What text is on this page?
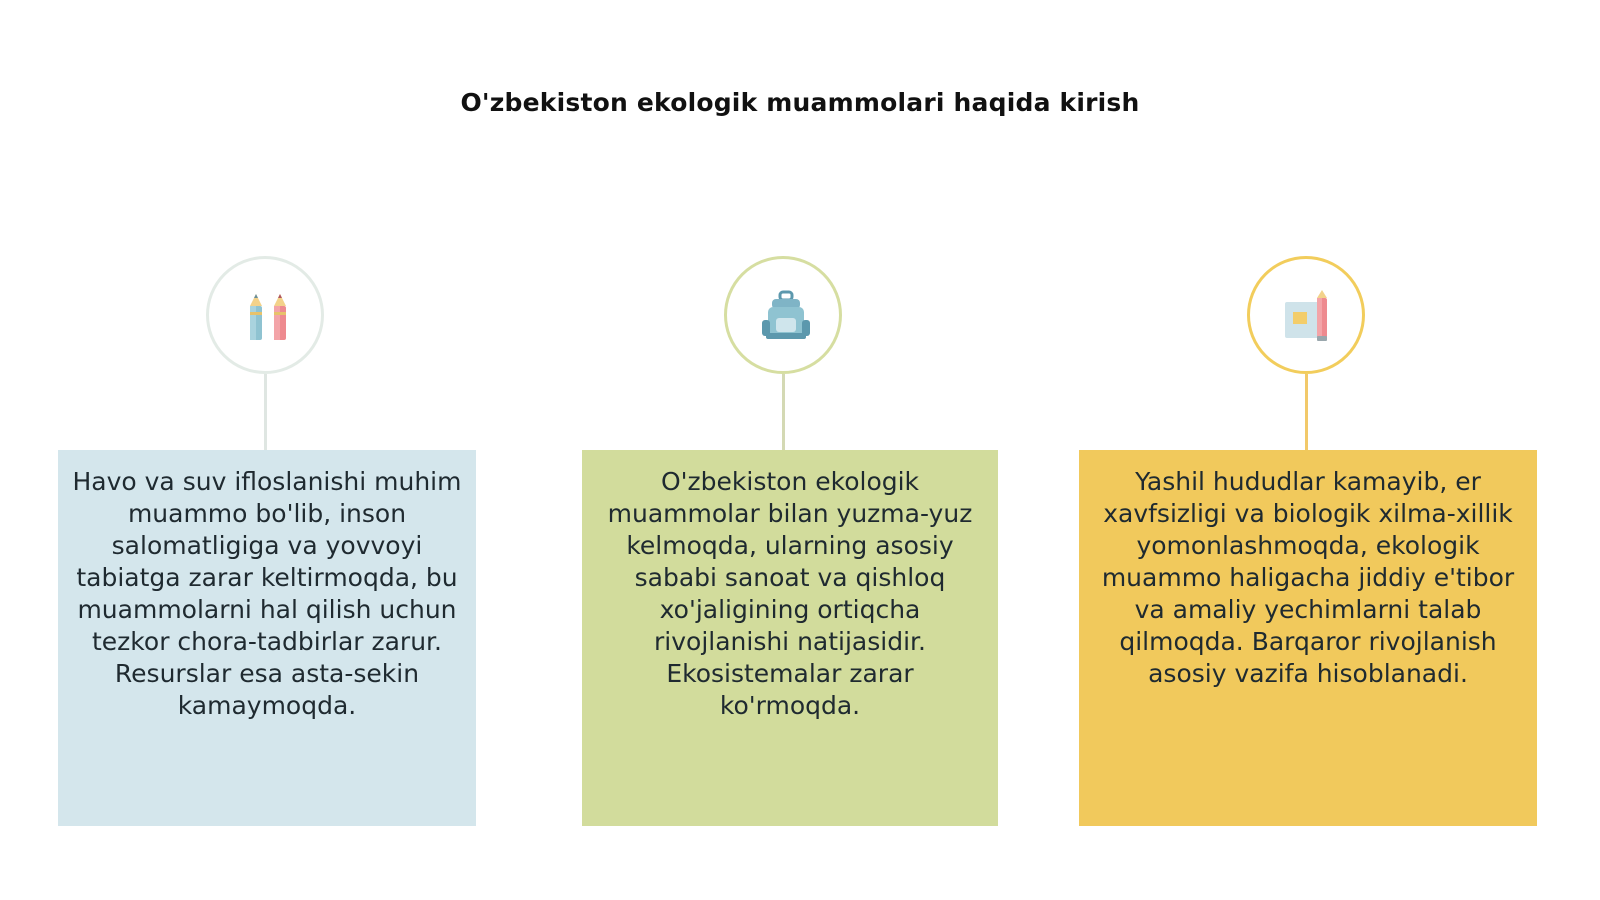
O'zbekiston ekologik muammolari haqida kirish

Havo va suv ifloslanishi muhim muammo bo'lib, inson salomatligiga va yovvoyi tabiatga zarar keltirmoqda, bu muammolarni hal qilish uchun tezkor chora-tadbirlar zarur. Resurslar esa asta-sekin kamaymoqda.

O'zbekiston ekologik muammolar bilan yuzma-yuz kelmoqda, ularning asosiy sababi sanoat va qishloq xo'jaligining ortiqcha rivojlanishi natijasidir. Ekosistemalar zarar ko'rmoqda.

Yashil hududlar kamayib, er xavfsizligi va biologik xilma-xillik yomonlashmoqda, ekologik muammo haligacha jiddiy e'tibor va amaliy yechimlarni talab qilmoqda. Barqaror rivojlanish asosiy vazifa hisoblanadi.
